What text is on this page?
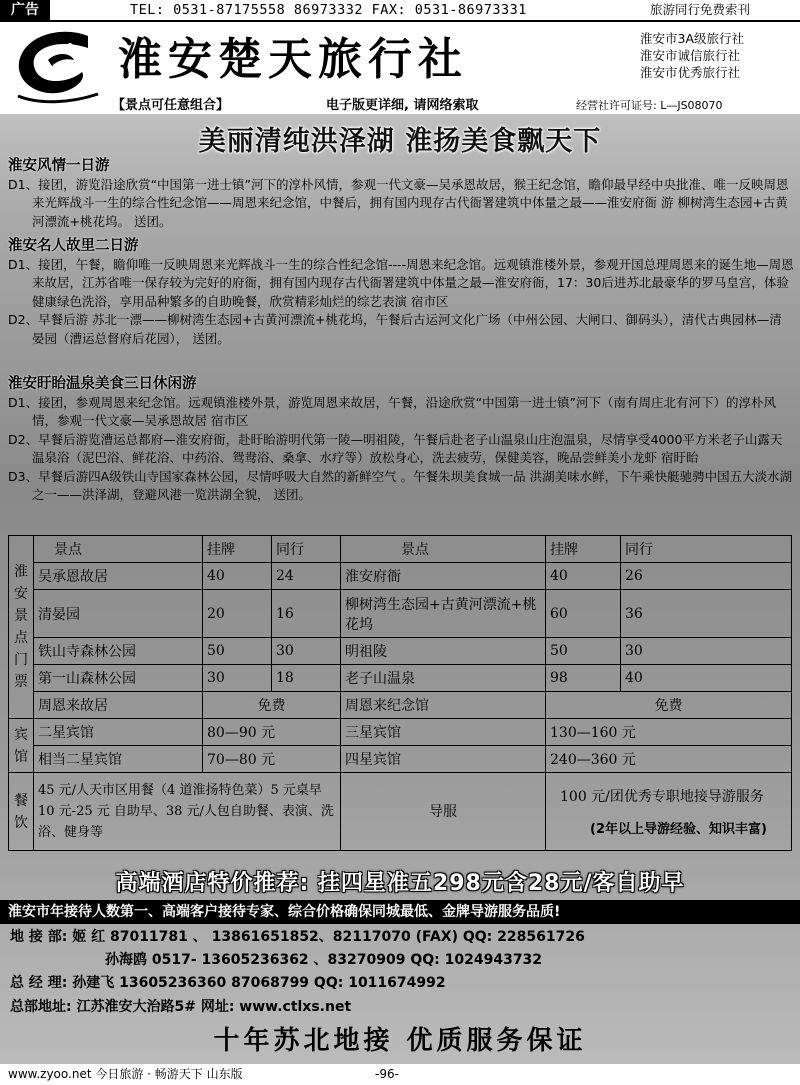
广告	TEL: 0531-87175558 86973332 FAX: 0531-86973331	旅游同行免费索刊
淮安楚天旅行社	淮安市3A级旅行社
淮安市诚信旅行社
淮安市优秀旅行社
【景点可任意组合】	电子版更详细, 请网络索取	经营社许可证号: L—JS08070
美丽清纯洪泽湖 淮扬美食飘天下
淮安风情一日游
D1、接团，游览沿途欣赏“中国第一进士镇”河下的淳朴风情，参观一代文豪—吴承恩故居，猴王纪念馆，瞻仰最早经中央批准、唯一反映周恩来光辉战斗一生的综合性纪念馆——周恩来纪念馆，中餐后，拥有国内现存古代衙署建筑中体量之最——淮安府衙 游 柳树湾生态园+古黄河漂流+桃花坞。 送团。
淮安名人故里二日游
D1、接团，午餐，瞻仰唯一反映周恩来光辉战斗一生的综合性纪念馆----周恩来纪念馆。远观镇淮楼外景，参观开国总理周恩来的诞生地—周恩来故居，江苏省唯一保存较为完好的府衙，拥有国内现存古代衙署建筑中体量之最—淮安府衙，17：30后进苏北最豪华的罗马皇宫，体验健康绿色洗浴，享用品种繁多的自助晚餐，欣赏精彩灿烂的综艺表演 宿市区
D2、早餐后游 苏北一漂——柳树湾生态园+古黄河漂流+桃花坞，午餐后古运河文化广场（中州公园、大闸口、御码头），清代古典园林—清晏园（漕运总督府后花园）， 送团。
淮安盱眙温泉美食三日休闲游
D1、接团，参观周恩来纪念馆。远观镇淮楼外景，游览周恩来故居，午餐，沿途欣赏“中国第一进士镇”河下（南有周庄北有河下）的淳朴风情，参观一代文豪—吴承恩故居 宿市区
D2、早餐后游览漕运总都府—淮安府衙，赴盱眙游明代第一陵—明祖陵，午餐后赴老子山温泉山庄泡温泉，尽情享受4000平方米老子山露天温泉浴（泥巴浴、鲜花浴、中药浴、鸳鸯浴、桑拿、水疗等）放松身心，洗去疲劳，保健美容，晚品尝鲜美小龙虾 宿盱眙
D3、早餐后游四A级铁山寺国家森林公园，尽情呼吸大自然的新鲜空气 。午餐朱坝美食城一品 洪湖美味水鲜，下午乘快艇驰骋中国五大淡水湖之一——洪泽湖，登避风港一览洪湖全貌， 送团。
淮安景点门票	景点	挂牌	同行	景点	挂牌	同行
	吴承恩故居	40	24	淮安府衙	40	26
	清晏园	20	16	柳树湾生态园+古黄河漂流+桃花坞	60	36
	铁山寺森林公园	50	30	明祖陵	50	30
	第一山森林公园	30	18	老子山温泉	98	40
	周恩来故居	免费		周恩来纪念馆	免费	
宾馆	二星宾馆	80—90 元		三星宾馆	130—160 元	
	相当二星宾馆	70—80 元		四星宾馆	240—360 元	
餐饮	45 元/人天市区用餐（4 道淮扬特色菜）5 元桌早 10 元-25 元 自助早、38 元/人包自助餐、表演、洗浴、健身等			导服	100 元/团优秀专职地接导游服务
(2年以上导游经验、知识丰富)	
高端酒店特价推荐: 挂四星准五298元含28元/客自助早
淮安市年接待人数第一、高端客户接待专家、综合价格确保同城最低、金牌导游服务品质!
地 接 部: 姬 红 87011781 、 13861651852、82117070 (FAX) QQ: 228561726
孙海鸥 0517- 13605236362 、83270909 QQ: 1024943732
总 经 理: 孙建飞 13605236360 87068799 QQ: 1011674992
总部地址: 江苏淮安大治路5# 网址: www.ctlxs.net
十年苏北地接 优质服务保证
www.zyoo.net 今日旅游 · 畅游天下 山东版	-96-
